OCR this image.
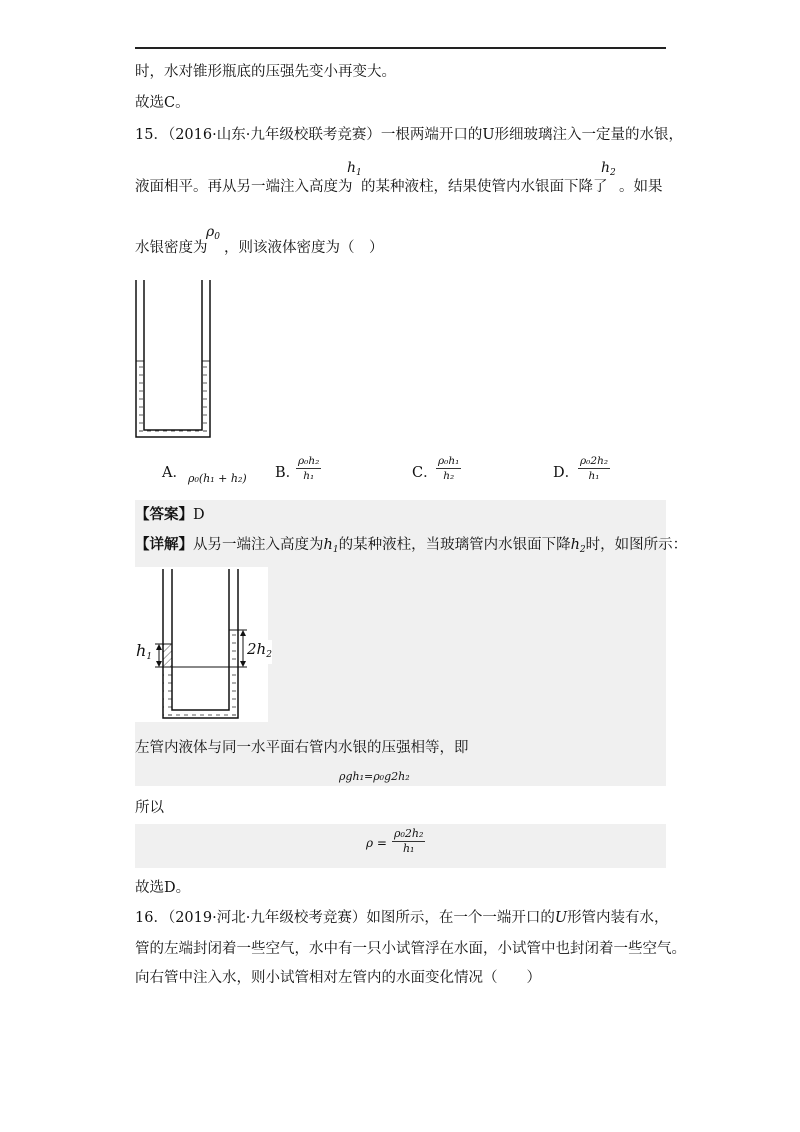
时，水对锥形瓶底的压强先变小再变大。
故选C。
15．（2016·山东·九年级校联考竞赛）一根两端开口的U形细玻璃注入一定量的水银，
液面相平。再从另一端注入高度为
$h_1$
的某种液柱，结果使管内水银面下降了
$h_2$
。如果
水银密度为
$\rho_0$
，则该液体密度为（　）
A． ρ₀(h₁ + h₂) B．
$\frac{\text{ρ₀h₂}}{\text{h₁}}$	C．
$\frac{\text{ρ₀h₁}}{\text{h₂}}$	D．
$\frac{\text{ρ₀2h₂}}{\text{h₁}}$
【答案】D
【详解】从另一端注入高度为$h_1$的某种液柱，当玻璃管内水银面下降$h_2$时，如图所示：
$h_1$	$2h_2$
左管内液体与同一水平面右管内水银的压强相等，即
ρgh₁=ρ₀g2h₂
所以
$\rho = \frac{\text{ρ₀2h₂}}{\text{h₁}}$
故选D。
16．（2019·河北·九年级校考竞赛）如图所示，在一个一端开口的U形管内装有水，
管的左端封闭着一些空气，水中有一只小试管浮在水面，小试管中也封闭着一些空气。
向右管中注入水，则小试管相对左管内的水面变化情况（　　）
